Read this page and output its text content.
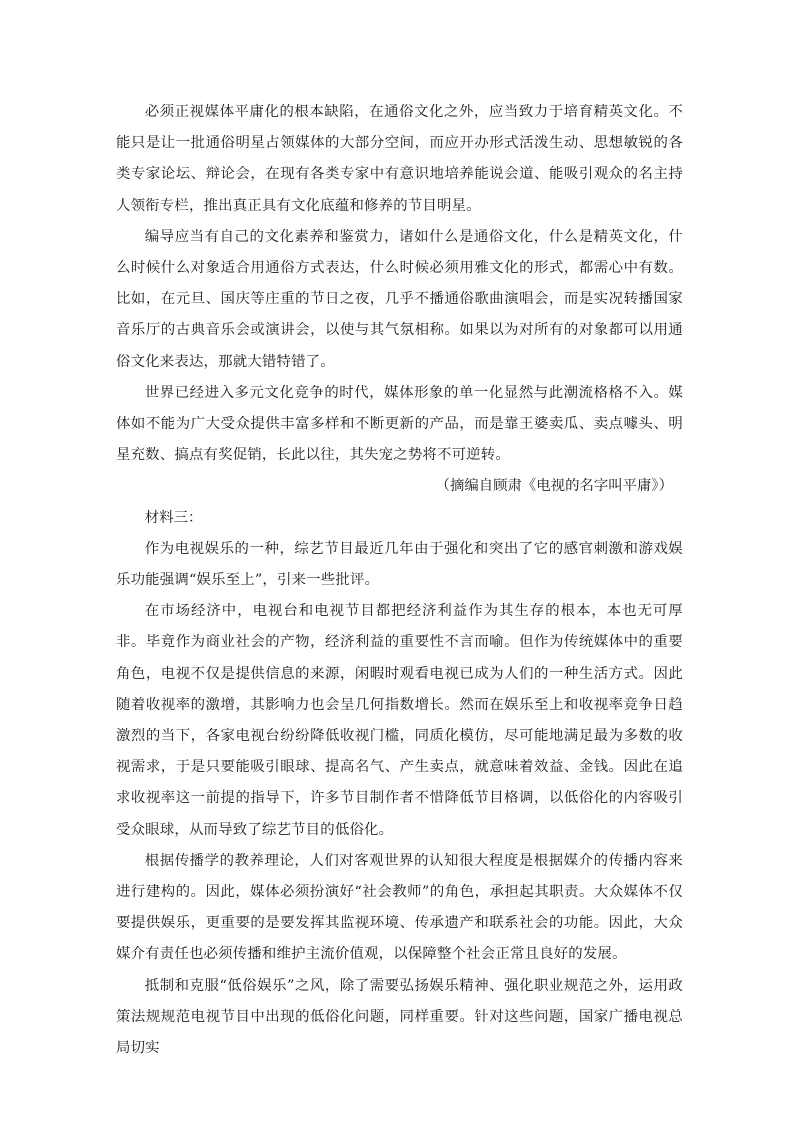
必须正视媒体平庸化的根本缺陷，在通俗文化之外，应当致力于培育精英文化。不能只是让一批通俗明星占领媒体的大部分空间，而应开办形式活泼生动、思想敏锐的各类专家论坛、辩论会，在现有各类专家中有意识地培养能说会道、能吸引观众的名主持人领衔专栏，推出真正具有文化底蕴和修养的节目明星。

编导应当有自己的文化素养和鉴赏力，诸如什么是通俗文化，什么是精英文化，什么时候什么对象适合用通俗方式表达，什么时候必须用雅文化的形式，都需心中有数。比如，在元旦、国庆等庄重的节日之夜，几乎不播通俗歌曲演唱会，而是实况转播国家音乐厅的古典音乐会或演讲会，以使与其气氛相称。如果以为对所有的对象都可以用通俗文化来表达，那就大错特错了。

世界已经进入多元文化竞争的时代，媒体形象的单一化显然与此潮流格格不入。媒体如不能为广大受众提供丰富多样和不断更新的产品，而是靠王婆卖瓜、卖点噱头、明星充数、搞点有奖促销，长此以往，其失宠之势将不可逆转。

（摘编自顾肃《电视的名字叫平庸》）

材料三：

作为电视娱乐的一种，综艺节目最近几年由于强化和突出了它的感官刺激和游戏娱乐功能强调“娱乐至上”，引来一些批评。

在市场经济中，电视台和电视节目都把经济利益作为其生存的根本，本也无可厚非。毕竟作为商业社会的产物，经济利益的重要性不言而喻。但作为传统媒体中的重要角色，电视不仅是提供信息的来源，闲暇时观看电视已成为人们的一种生活方式。因此随着收视率的激增，其影响力也会呈几何指数增长。然而在娱乐至上和收视率竞争日趋激烈的当下，各家电视台纷纷降低收视门槛，同质化模仿，尽可能地满足最为多数的收视需求，于是只要能吸引眼球、提高名气、产生卖点，就意味着效益、金钱。因此在追求收视率这一前提的指导下，许多节目制作者不惜降低节目格调，以低俗化的内容吸引受众眼球，从而导致了综艺节目的低俗化。

根据传播学的教养理论，人们对客观世界的认知很大程度是根据媒介的传播内容来进行建构的。因此，媒体必须扮演好“社会教师”的角色，承担起其职责。大众媒体不仅要提供娱乐，更重要的是要发挥其监视环境、传承遗产和联系社会的功能。因此，大众媒介有责任也必须传播和维护主流价值观，以保障整个社会正常且良好的发展。

抵制和克服“低俗娱乐”之风，除了需要弘扬娱乐精神、强化职业规范之外，运用政策法规规范电视节目中出现的低俗化问题，同样重要。针对这些问题，国家广播电视总局切实
